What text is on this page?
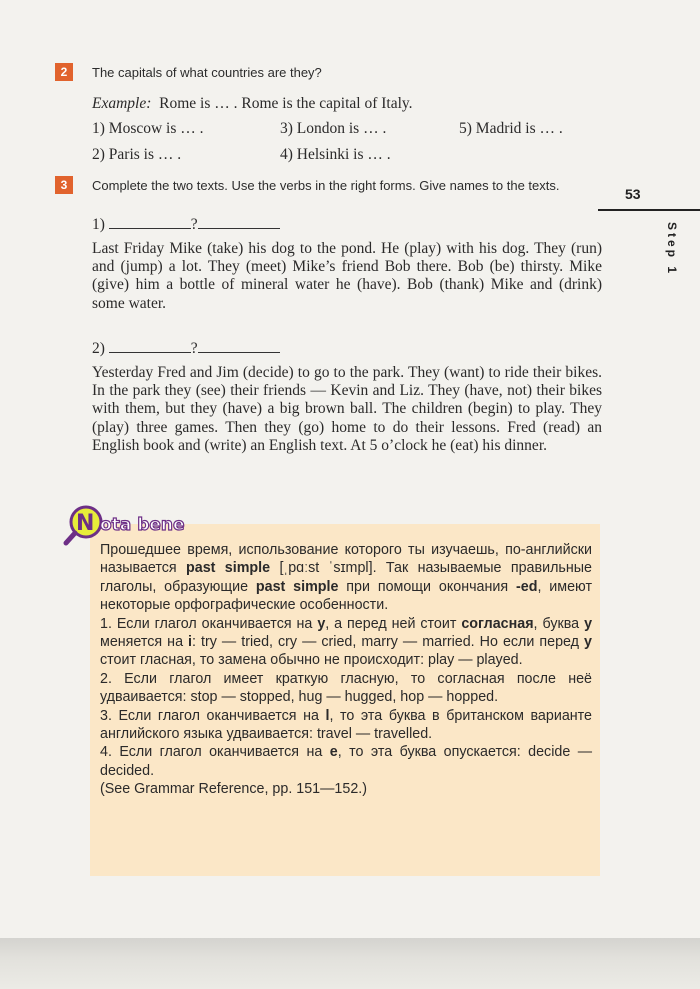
2	The capitals of what countries are they?
Example: Rome is … . Rome is the capital of Italy.
1) Moscow is … .	3) London is … .	5) Madrid is … .
2) Paris is … .	4) Helsinki is … .
3	Complete the two texts. Use the verbs in the right forms. Give names to the texts.
1)	?

Last Friday Mike (take) his dog to the pond. He (play) with his dog. They (run) and (jump) a lot. They (meet) Mike’s friend Bob there. Bob (be) thirsty. Mike (give) him a bottle of mineral water he (have). Bob (thank) Mike and (drink) some water.

2)	?

Yesterday Fred and Jim (decide) to go to the park. They (want) to ride their bikes. In the park they (see) their friends — Kevin and Liz. They (have, not) their bikes with them, but they (have) a big brown ball. The children (begin) to play. They (play) three games. Then they (go) home to do their lessons. Fred (read) an English book and (write) an English text. At 5 o’clock he (eat) his dinner.

53
Step 1
N ota bene

Прошедшее время, использование которого ты изучаешь, по-английски называется past simple [ˌpɑːst ˈsɪmpl]. Так называемые правильные глаголы, образующие past simple при помощи окончания -ed, имеют некоторые орфографические особенности.

1. Если глагол оканчивается на y, а перед ней стоит согласная, буква y меняется на i: try — tried, cry — cried, marry — married. Но если перед y стоит гласная, то замена обычно не происходит: play — played.

2. Если глагол имеет краткую гласную, то согласная после неё удваивается: stop — stopped, hug — hugged, hop — hopped.

3. Если глагол оканчивается на l, то эта буква в британском варианте английского языка удваивается: travel — travelled.

4. Если глагол оканчивается на e, то эта буква опускается: decide — decided.

(See Grammar Reference, pp. 151—152.)
